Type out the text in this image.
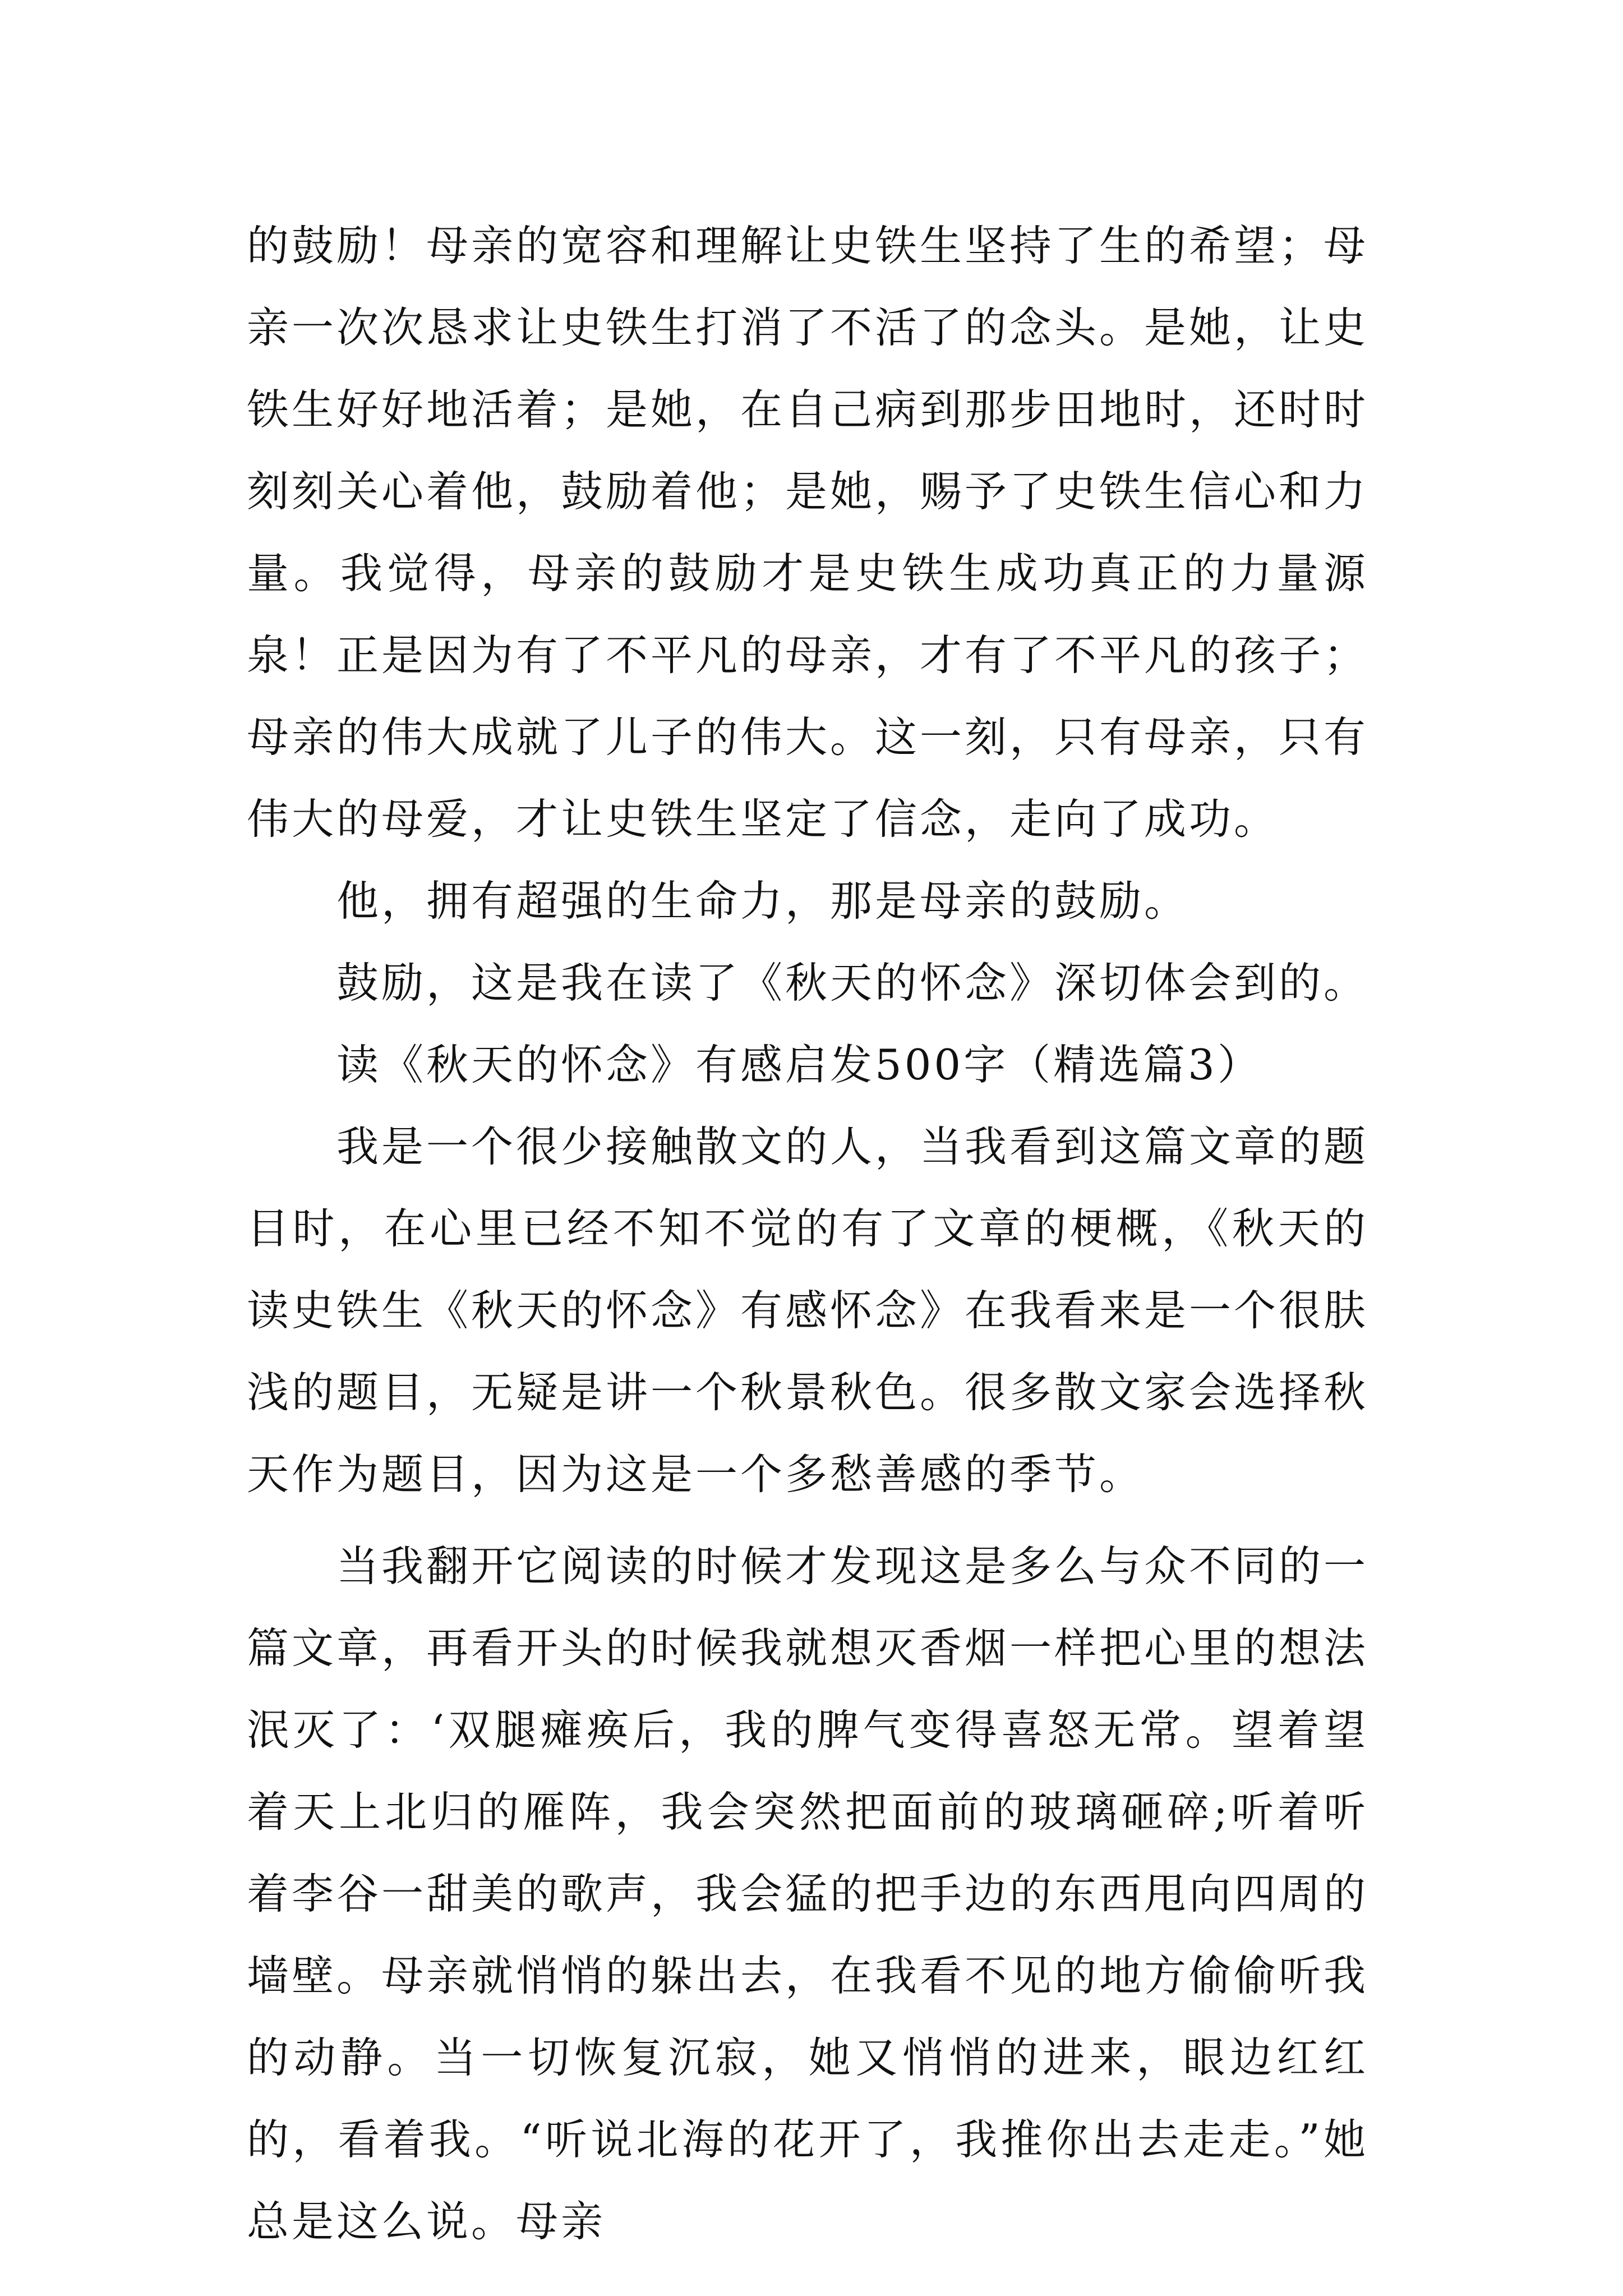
的鼓励！母亲的宽容和理解让史铁生坚持了生的希望；母亲一次次恳求让史铁生打消了不活了的念头。是她，让史铁生好好地活着；是她，在自己病到那步田地时，还时时刻刻关心着他，鼓励着他；是她，赐予了史铁生信心和力量。我觉得，母亲的鼓励才是史铁生成功真正的力量源泉！正是因为有了不平凡的母亲，才有了不平凡的孩子；母亲的伟大成就了儿子的伟大。这一刻，只有母亲，只有伟大的母爱，才让史铁生坚定了信念，走向了成功。

他，拥有超强的生命力，那是母亲的鼓励。

鼓励，这是我在读了《秋天的怀念》深切体会到的。

读《秋天的怀念》有感启发500字（精选篇3）

我是一个很少接触散文的人，当我看到这篇文章的题目时，在心里已经不知不觉的有了文章的梗概，《秋天的读史铁生《秋天的怀念》有感怀念》在我看来是一个很肤浅的题目，无疑是讲一个秋景秋色。很多散文家会选择秋天作为题目，因为这是一个多愁善感的季节。

当我翻开它阅读的时候才发现这是多么与众不同的一篇文章，再看开头的时候我就想灭香烟一样把心里的想法泯灭了：‘双腿瘫痪后，我的脾气变得喜怒无常。望着望着天上北归的雁阵，我会突然把面前的玻璃砸碎;听着听着李谷一甜美的歌声，我会猛的把手边的东西甩向四周的墙壁。母亲就悄悄的躲出去，在我看不见的地方偷偷听我的动静。当一切恢复沉寂，她又悄悄的进来，眼边红红的，看着我。“听说北海的花开了，我推你出去走走。”她总是这么说。母亲
